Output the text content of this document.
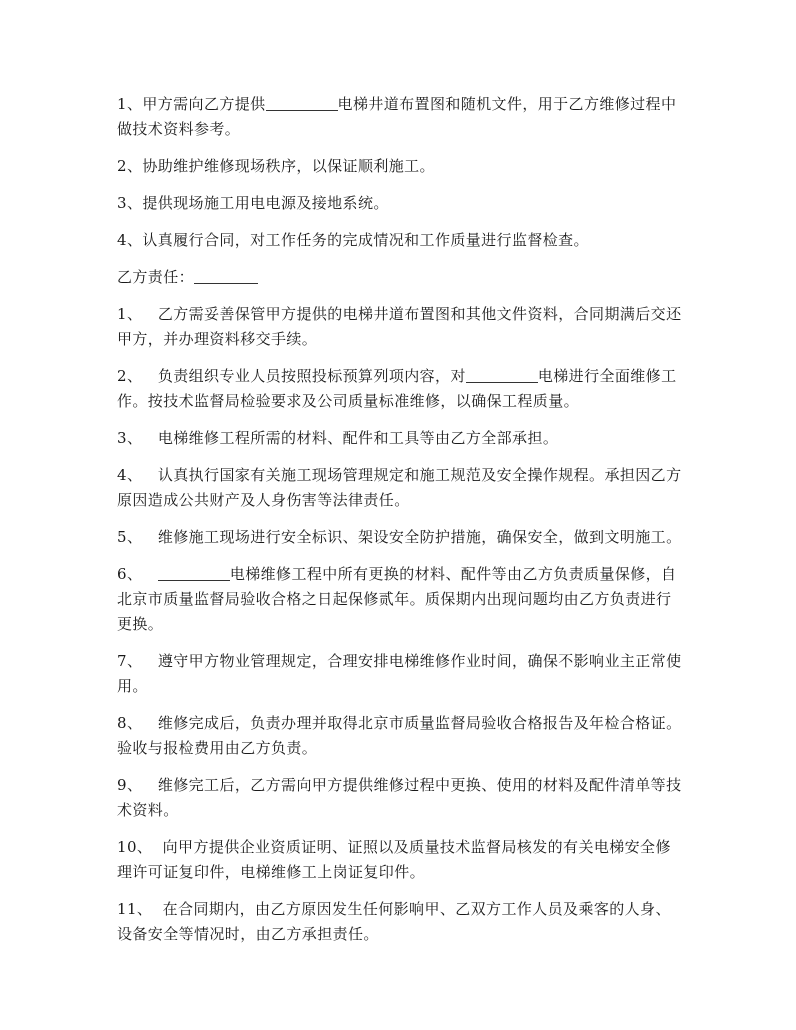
1、甲方需向乙方提供	电梯井道布置图和随机文件，用于乙方维修过程中做技术资料参考。

2、协助维护维修现场秩序，以保证顺利施工。

3、提供现场施工用电电源及接地系统。

4、认真履行合同，对工作任务的完成情况和工作质量进行监督检查。

乙方责任：

1、 乙方需妥善保管甲方提供的电梯井道布置图和其他文件资料，合同期满后交还甲方，并办理资料移交手续。

2、 负责组织专业人员按照投标预算列项内容，对	电梯进行全面维修工作。按技术监督局检验要求及公司质量标准维修，以确保工程质量。

3、 电梯维修工程所需的材料、配件和工具等由乙方全部承担。

4、 认真执行国家有关施工现场管理规定和施工规范及安全操作规程。承担因乙方原因造成公共财产及人身伤害等法律责任。

5、 维修施工现场进行安全标识、架设安全防护措施，确保安全，做到文明施工。

6、	电梯维修工程中所有更换的材料、配件等由乙方负责质量保修，自北京市质量监督局验收合格之日起保修贰年。质保期内出现问题均由乙方负责进行更换。

7、 遵守甲方物业管理规定，合理安排电梯维修作业时间，确保不影响业主正常使用。

8、 维修完成后，负责办理并取得北京市质量监督局验收合格报告及年检合格证。验收与报检费用由乙方负责。

9、 维修完工后，乙方需向甲方提供维修过程中更换、使用的材料及配件清单等技术资料。

10、 向甲方提供企业资质证明、证照以及质量技术监督局核发的有关电梯安全修理许可证复印件，电梯维修工上岗证复印件。

11、 在合同期内，由乙方原因发生任何影响甲、乙双方工作人员及乘客的人身、设备安全等情况时，由乙方承担责任。
